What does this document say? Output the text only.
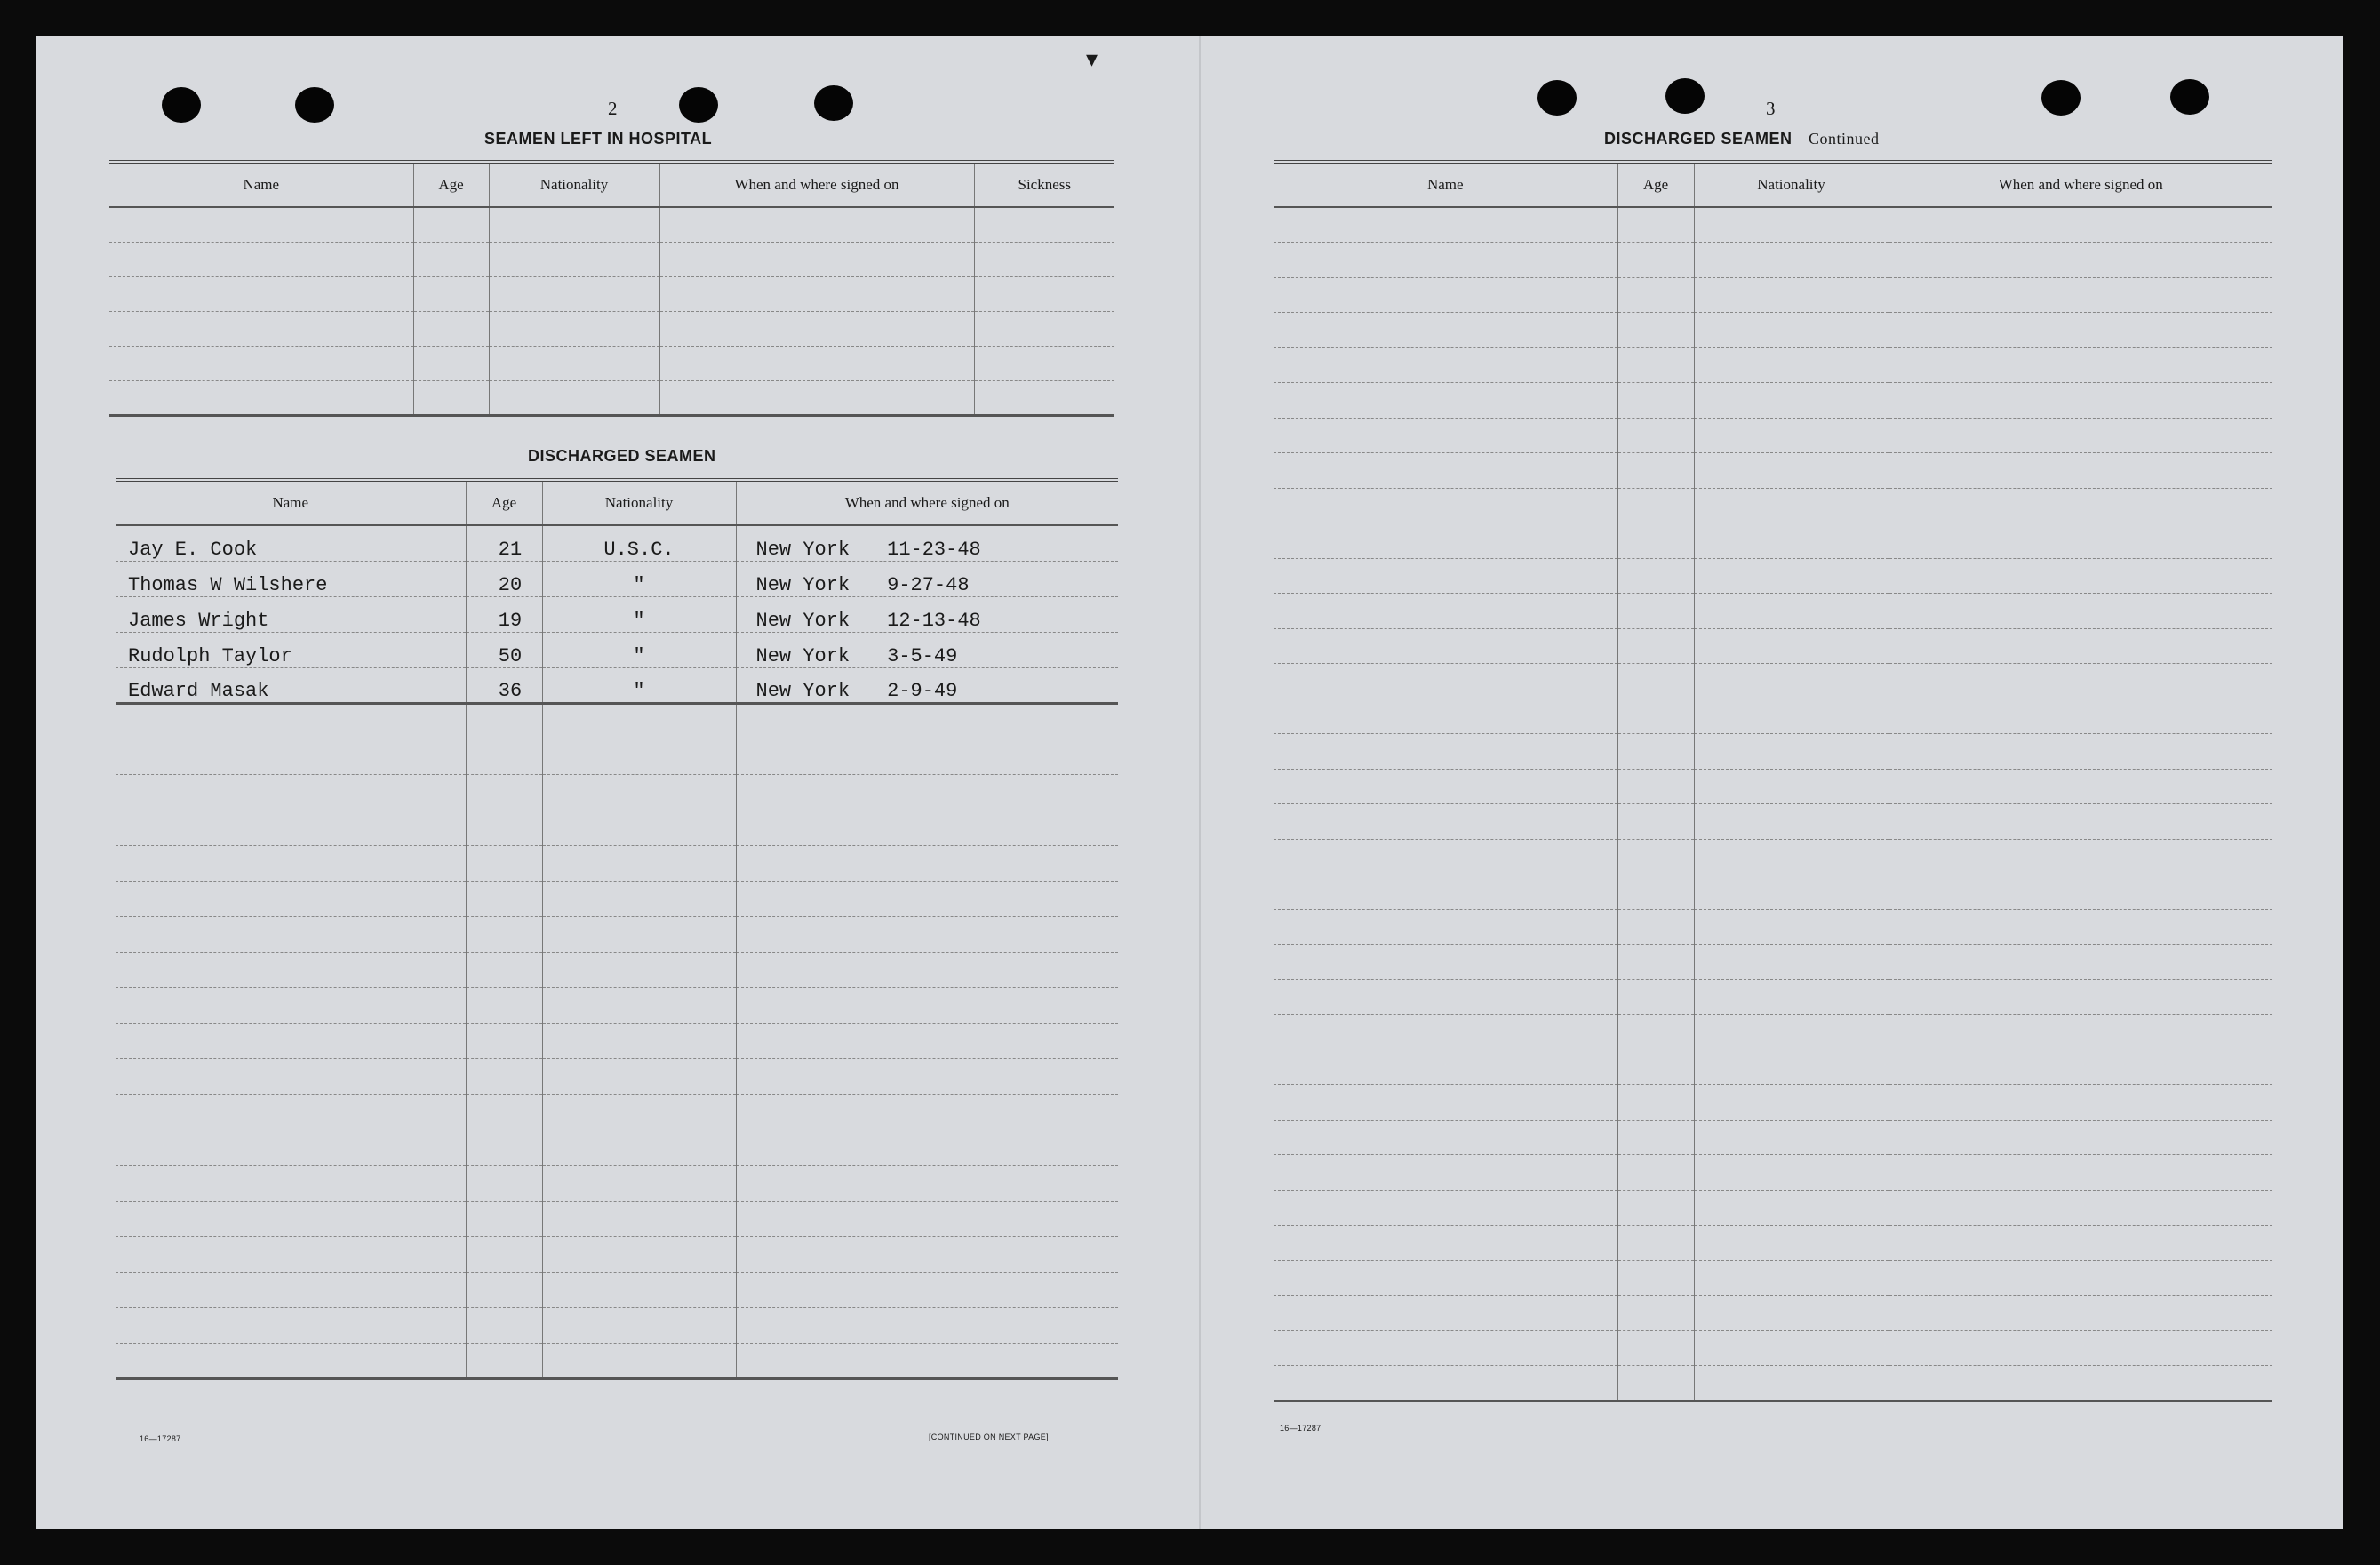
▾
2
SEAMEN LEFT IN HOSPITAL
Name	Age	Nationality	When and where signed on	Sickness

DISCHARGED SEAMEN
Name	Age	Nationality	When and where signed on
Jay E. Cook	21	U.S.C.	New York 11-23-48
Thomas W Wilshere	20	"	New York 9-27-48
James Wright	19	"	New York 12-13-48
Rudolph Taylor	50	"	New York 3-5-49
Edward Masak	36	"	New York 2-9-49

16—17287	[CONTINUED ON NEXT PAGE]
3
DISCHARGED SEAMEN—Continued
Name	Age	Nationality	When and where signed on

16—17287
